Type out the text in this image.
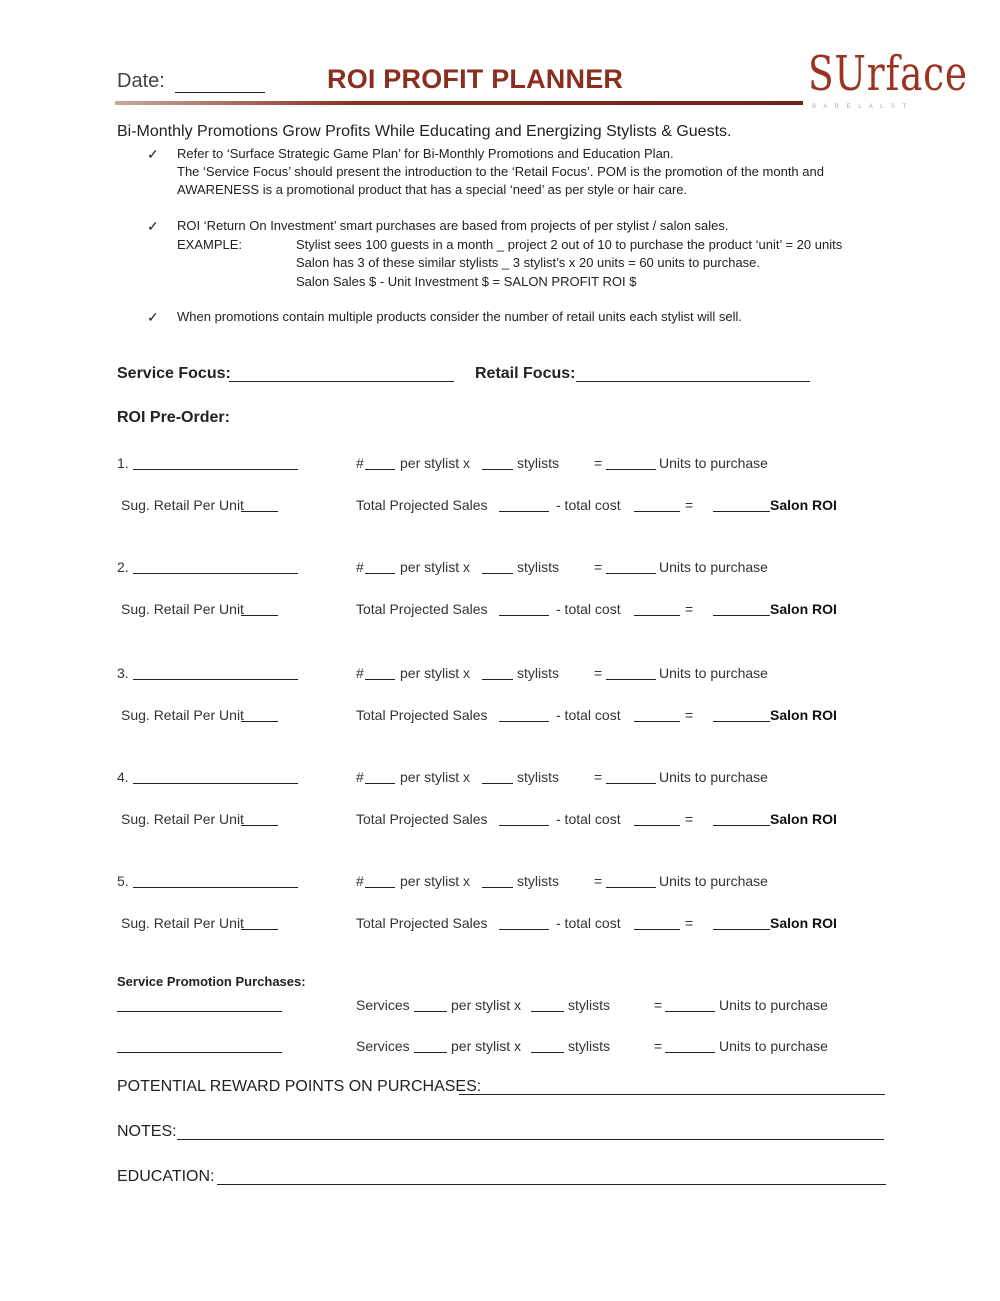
Date:	ROI PROFIT PLANNER	SUrface
B A R E L A L S T
Bi-Monthly Promotions Grow Profits While Educating and Energizing Stylists & Guests.
✓ Refer to ‘Surface Strategic Game Plan’ for Bi-Monthly Promotions and Education Plan.
The ‘Service Focus’ should present the introduction to the ‘Retail Focus’. POM is the promotion of the month and
AWARENESS is a promotional product that has a special ‘need’ as per style or hair care.
✓ ROI ‘Return On Investment’ smart purchases are based from projects of per stylist / salon sales.
EXAMPLE:	Stylist sees 100 guests in a month _ project 2 out of 10 to purchase the product ‘unit’ = 20 units
Salon has 3 of these similar stylists _ 3 stylist’s x 20 units = 60 units to purchase.
Salon Sales $ - Unit Investment $ = SALON PROFIT ROI $
✓ When promotions contain multiple products consider the number of retail units each stylist will sell.
Service Focus:	Retail Focus:
ROI Pre-Order:
1.	#	per stylist x	stylists	=	Units to purchase
Sug. Retail Per Unit	Total Projected Sales	- total cost	=	Salon ROI
2.	#	per stylist x	stylists	=	Units to purchase
Sug. Retail Per Unit	Total Projected Sales	- total cost	=	Salon ROI
3.	#	per stylist x	stylists	=	Units to purchase
Sug. Retail Per Unit	Total Projected Sales	- total cost	=	Salon ROI
4.	#	per stylist x	stylists	=	Units to purchase
Sug. Retail Per Unit	Total Projected Sales	- total cost	=	Salon ROI
5.	#	per stylist x	stylists	=	Units to purchase
Sug. Retail Per Unit	Total Projected Sales	- total cost	=	Salon ROI
Service Promotion Purchases:
Services	per stylist x	stylists	=	Units to purchase
Services	per stylist x	stylists	=	Units to purchase
POTENTIAL REWARD POINTS ON PURCHASES:
NOTES:
EDUCATION:
